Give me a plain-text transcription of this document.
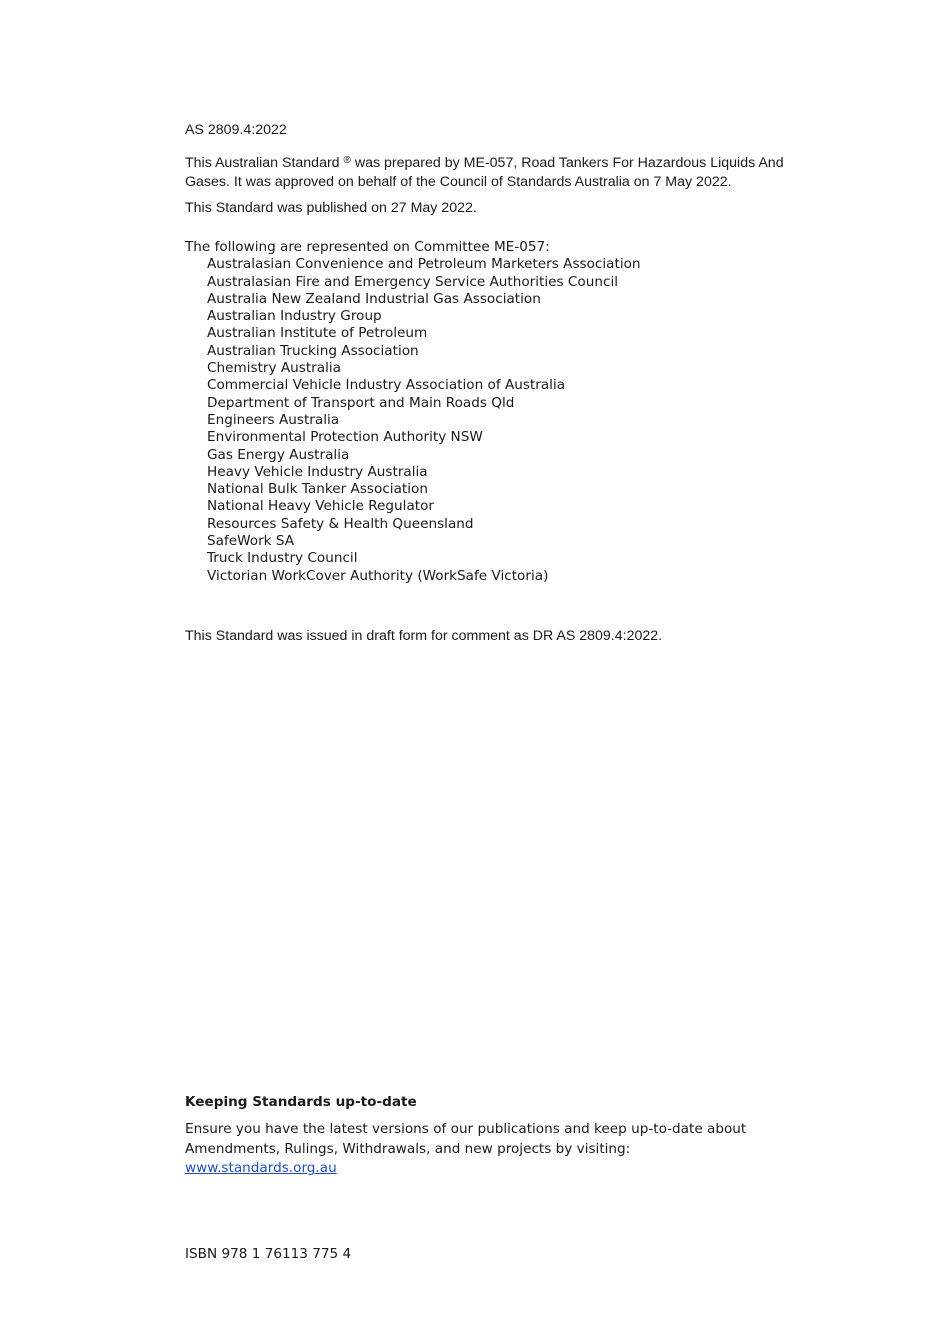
AS 2809.4:2022
This Australian Standard ® was prepared by ME-057, Road Tankers For Hazardous Liquids And Gases. It was approved on behalf of the Council of Standards Australia on 7 May 2022.
This Standard was published on 27 May 2022.

The following are represented on Committee ME-057:

Australasian Convenience and Petroleum Marketers Association
Australasian Fire and Emergency Service Authorities Council
Australia New Zealand Industrial Gas Association
Australian Industry Group
Australian Institute of Petroleum
Australian Trucking Association
Chemistry Australia
Commercial Vehicle Industry Association of Australia
Department of Transport and Main Roads Qld
Engineers Australia
Environmental Protection Authority NSW
Gas Energy Australia
Heavy Vehicle Industry Australia
National Bulk Tanker Association
National Heavy Vehicle Regulator
Resources Safety & Health Queensland
SafeWork SA
Truck Industry Council
Victorian WorkCover Authority (WorkSafe Victoria)
This Standard was issued in draft form for comment as DR AS 2809.4:2022.

Keeping Standards up-to-date

Ensure you have the latest versions of our publications and keep up-to-date about Amendments, Rulings, Withdrawals, and new projects by visiting:
www.standards.org.au

ISBN 978 1 76113 775 4
